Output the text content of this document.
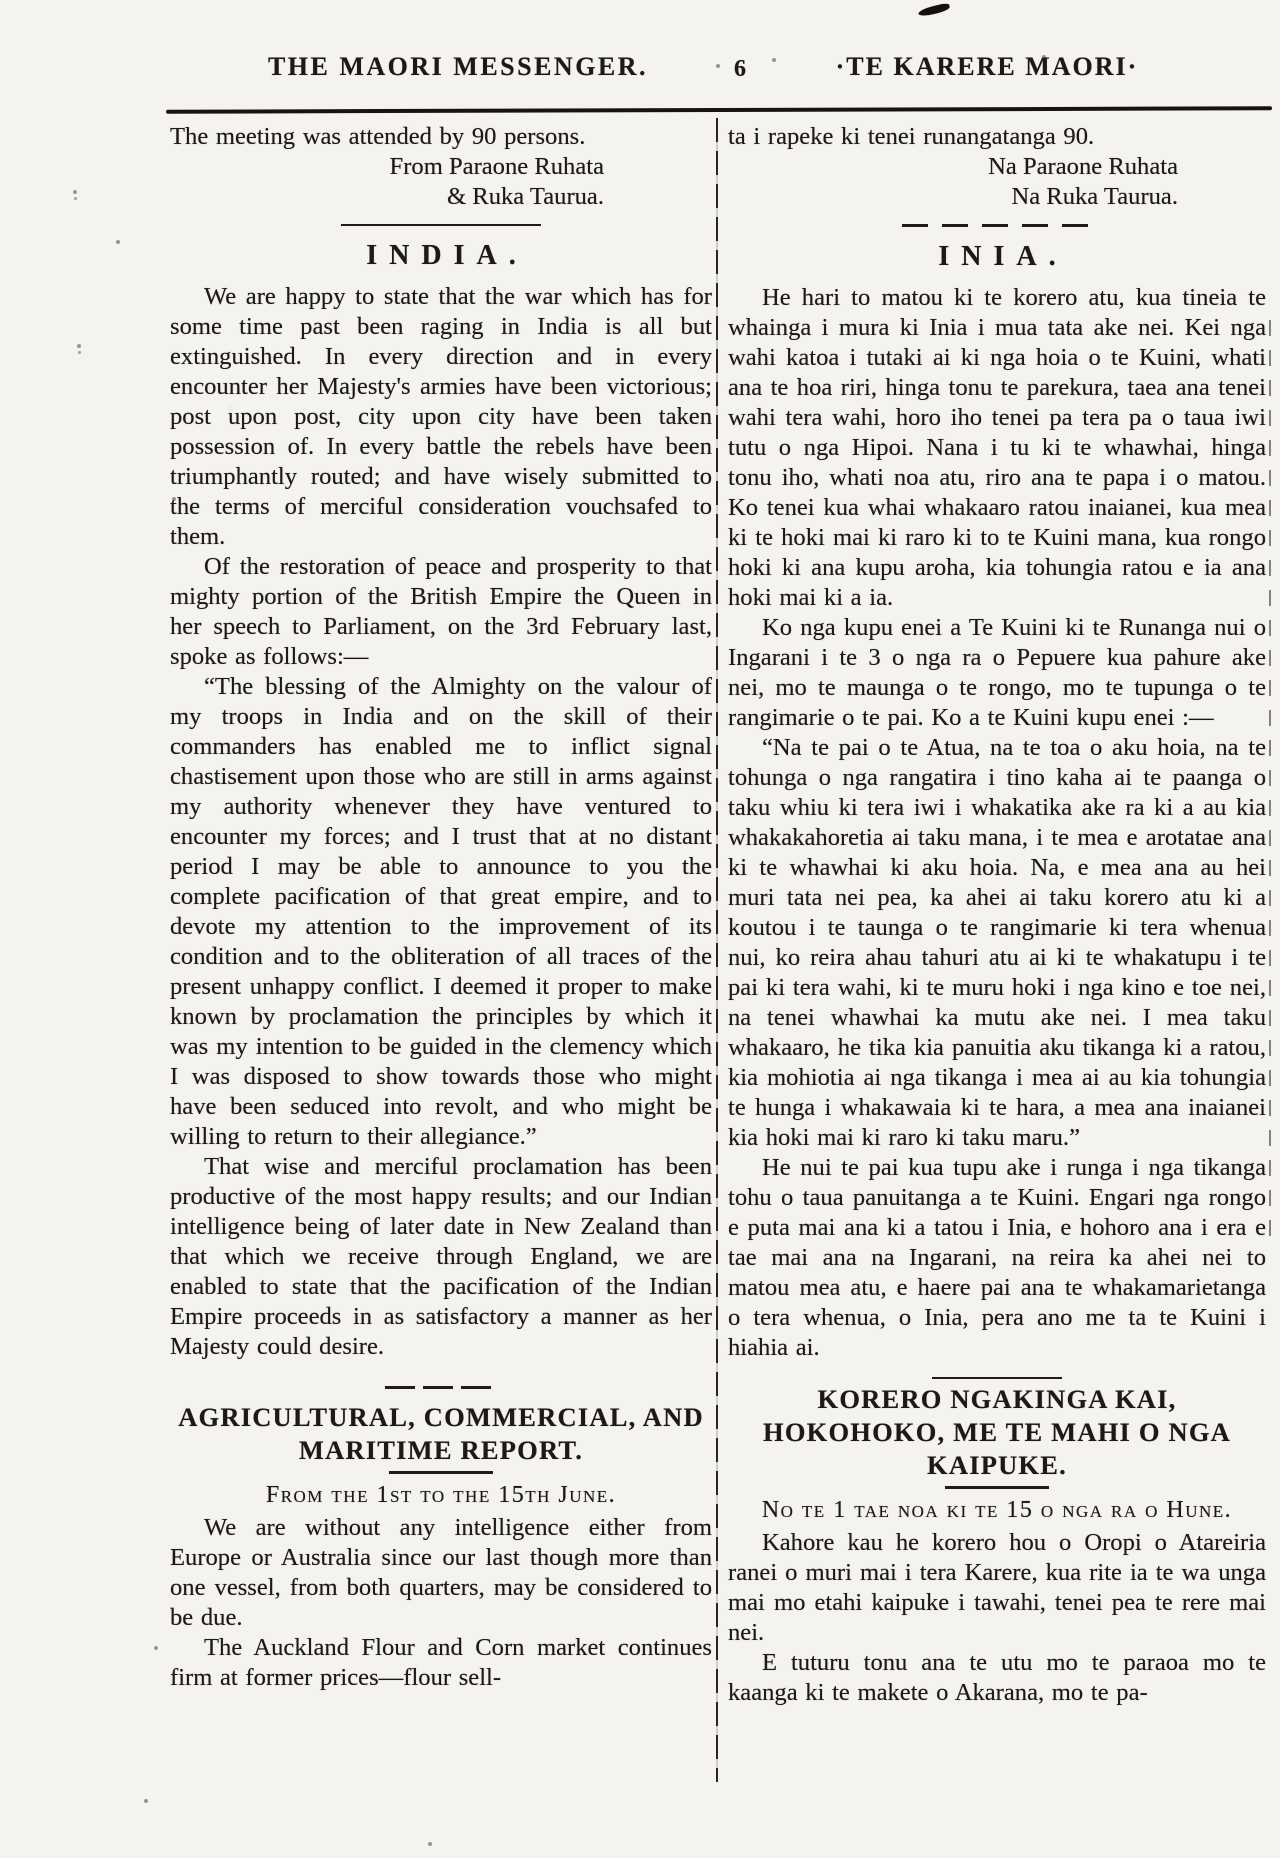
THE MAORI MESSENGER.	6	·TE KARERE MAORI·

The meeting was attended by 90 persons.

From Paraone Ruhata
& Ruka Taurua.
INDIA.

We are happy to state that the war which has for some time past been raging in India is all but extinguished. In every direction and in every encounter her Majesty's armies have been victorious; post upon post, city upon city have been taken possession of. In every battle the rebels have been triumphantly routed; and have wisely submitted to the terms of merciful consideration vouchsafed to them.

Of the restoration of peace and prosperity to that mighty portion of the British Empire the Queen in her speech to Parliament, on the 3rd February last, spoke as follows:—

“The blessing of the Almighty on the valour of my troops in India and on the skill of their commanders has enabled me to inflict signal chastisement upon those who are still in arms against my authority whenever they have ventured to encounter my forces; and I trust that at no distant period I may be able to announce to you the complete pacification of that great empire, and to devote my attention to the improvement of its condition and to the obliteration of all traces of the present unhappy conflict. I deemed it proper to make known by proclamation the principles by which it was my intention to be guided in the clemency which I was disposed to show towards those who might have been seduced into revolt, and who might be willing to return to their allegiance.”

That wise and merciful proclamation has been productive of the most happy results; and our Indian intelligence being of later date in New Zealand than that which we receive through England, we are enabled to state that the pacification of the Indian Empire proceeds in as satisfactory a manner as her Majesty could desire.

AGRICULTURAL, COMMERCIAL, AND MARITIME REPORT.
From the 1st to the 15th June.

We are without any intelligence either from Europe or Australia since our last though more than one vessel, from both quarters, may be considered to be due.

The Auckland Flour and Corn market continues firm at former prices—flour sell-

ta i rapeke ki tenei runangatanga 90.

Na Paraone Ruhata
Na Ruka Taurua.
INIA.

He hari to matou ki te korero atu, kua tineia te whainga i mura ki Inia i mua tata ake nei. Kei nga wahi katoa i tutaki ai ki nga hoia o te Kuini, whati ana te hoa riri, hinga tonu te parekura, taea ana tenei wahi tera wahi, horo iho tenei pa tera pa o taua iwi tutu o nga Hipoi. Nana i tu ki te whawhai, hinga tonu iho, whati noa atu, riro ana te papa i o matou. Ko tenei kua whai whakaaro ratou inaianei, kua mea ki te hoki mai ki raro ki to te Kuini mana, kua rongo hoki ki ana kupu aroha, kia tohungia ratou e ia ana hoki mai ki a ia.

Ko nga kupu enei a Te Kuini ki te Runanga nui o Ingarani i te 3 o nga ra o Pepuere kua pahure ake nei, mo te maunga o te rongo, mo te tupunga o te rangimarie o te pai. Ko a te Kuini kupu enei :—

“Na te pai o te Atua, na te toa o aku hoia, na te tohunga o nga rangatira i tino kaha ai te paanga o taku whiu ki tera iwi i whakatika ake ra ki a au kia whakakahoretia ai taku mana, i te mea e arotatae ana ki te whawhai ki aku hoia. Na, e mea ana au hei muri tata nei pea, ka ahei ai taku korero atu ki a koutou i te taunga o te rangimarie ki tera whenua nui, ko reira ahau tahuri atu ai ki te whakatupu i te pai ki tera wahi, ki te muru hoki i nga kino e toe nei, na tenei whawhai ka mutu ake nei. I mea taku whakaaro, he tika kia panuitia aku tikanga ki a ratou, kia mohiotia ai nga tikanga i mea ai au kia tohungia te hunga i whakawaia ki te hara, a mea ana inaianei kia hoki mai ki raro ki taku maru.”

He nui te pai kua tupu ake i runga i nga tikanga tohu o taua panuitanga a te Kuini. Engari nga rongo e puta mai ana ki a tatou i Inia, e hohoro ana i era e tae mai ana na Ingarani, na reira ka ahei nei to matou mea atu, e haere pai ana te whakamarietanga o tera whenua, o Inia, pera ano me ta te Kuini i hiahia ai.

KORERO NGAKINGA KAI, HOKOHOKO, ME TE MAHI O NGA KAIPUKE.
No te 1 tae noa ki te 15 o nga ra o Hune.

Kahore kau he korero hou o Oropi o Atareiria ranei o muri mai i tera Karere, kua rite ia te wa unga mai mo etahi kaipuke i tawahi, tenei pea te rere mai nei.

E tuturu tonu ana te utu mo te paraoa mo te kaanga ki te makete o Akarana, mo te pa-
